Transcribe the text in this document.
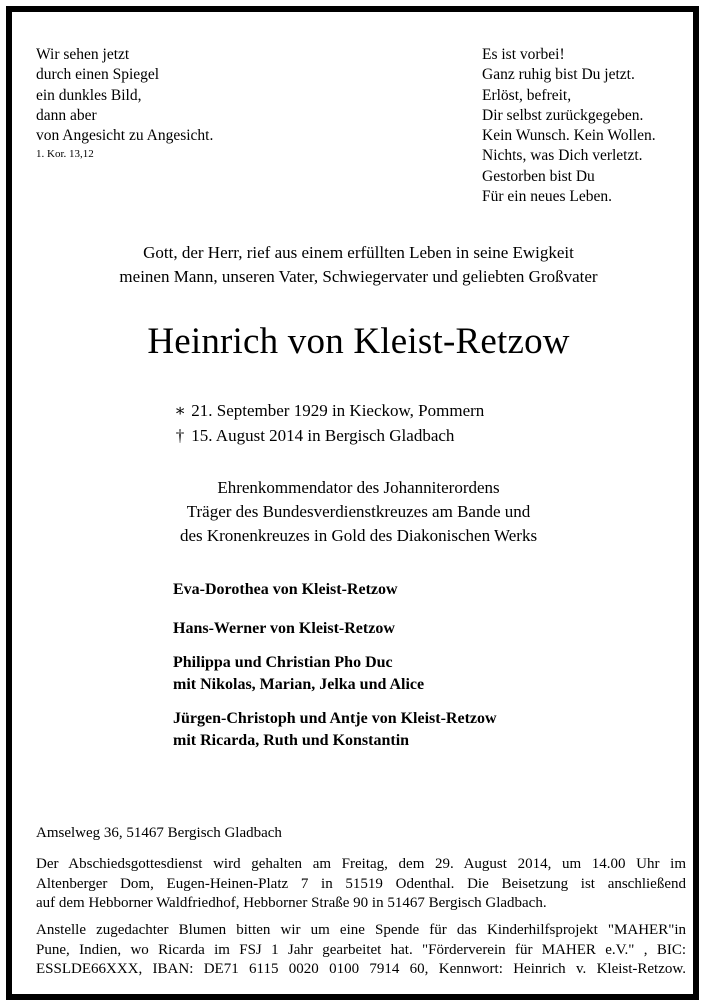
Wir sehen jetzt
durch einen Spiegel
ein dunkles Bild,
dann aber
von Angesicht zu Angesicht.
1. Kor. 13,12
Es ist vorbei!
Ganz ruhig bist Du jetzt.
Erlöst, befreit,
Dir selbst zurückgegeben.
Kein Wunsch. Kein Wollen.
Nichts, was Dich verletzt.
Gestorben bist Du
Für ein neues Leben.
Gott, der Herr, rief aus einem erfüllten Leben in seine Ewigkeit
meinen Mann, unseren Vater, Schwiegervater und geliebten Großvater
Heinrich von Kleist-Retzow
∗ 21. September 1929 in Kieckow, Pommern
† 15. August 2014 in Bergisch Gladbach
Ehrenkommendator des Johanniterordens
Träger des Bundesverdienstkreuzes am Bande und
des Kronenkreuzes in Gold des Diakonischen Werks
Eva-Dorothea von Kleist-Retzow
Hans-Werner von Kleist-Retzow
Philippa und Christian Pho Duc
mit Nikolas, Marian, Jelka und Alice
Jürgen-Christoph und Antje von Kleist-Retzow
mit Ricarda, Ruth und Konstantin
Amselweg 36, 51467 Bergisch Gladbach
Der Abschiedsgottesdienst wird gehalten am Freitag, dem 29. August 2014, um 14.00 Uhr im
Altenberger Dom, Eugen-Heinen-Platz 7 in 51519 Odenthal. Die Beisetzung ist anschließend
auf dem Hebborner Waldfriedhof, Hebborner Straße 90 in 51467 Bergisch Gladbach.
Anstelle zugedachter Blumen bitten wir um eine Spende für das Kinderhilfsprojekt "MAHER"in
Pune, Indien, wo Ricarda im FSJ 1 Jahr gearbeitet hat. "Förderverein für MAHER e.V." , BIC:
ESSLDE66XXX, IBAN: DE71 6115 0020 0100 7914 60, Kennwort: Heinrich v. Kleist-Retzow.
